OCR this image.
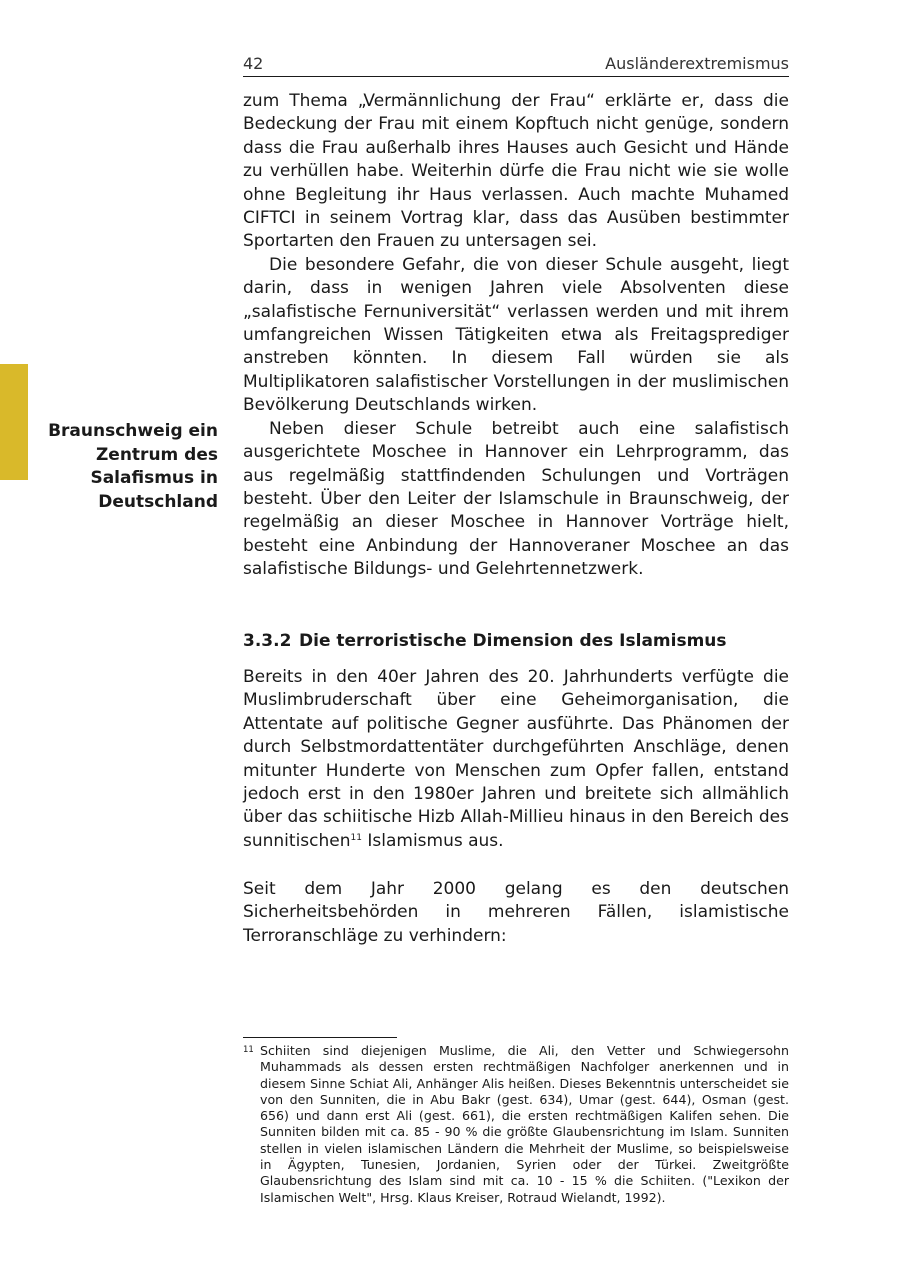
42	Ausländerextremismus
Braunschweig ein Zentrum des Salafismus in Deutschland

zum Thema „Vermännlichung der Frau“ erklärte er, dass die Bedeckung der Frau mit einem Kopftuch nicht genüge, sondern dass die Frau außerhalb ihres Hauses auch Gesicht und Hände zu verhüllen habe. Weiterhin dürfe die Frau nicht wie sie wolle ohne Begleitung ihr Haus verlassen. Auch machte Muhamed CIFTCI in seinem Vortrag klar, dass das Ausüben bestimmter Sportarten den Frauen zu untersagen sei.

Die besondere Gefahr, die von dieser Schule ausgeht, liegt darin, dass in wenigen Jahren viele Absolventen diese „salafistische Fernuniversität“ verlassen werden und mit ihrem umfangreichen Wissen Tätigkeiten etwa als Freitagsprediger anstreben könnten. In diesem Fall würden sie als Multiplikatoren salafistischer Vorstellungen in der muslimischen Bevölkerung Deutschlands wirken.

Neben dieser Schule betreibt auch eine salafistisch ausgerichtete Moschee in Hannover ein Lehrprogramm, das aus regelmäßig stattfindenden Schulungen und Vorträgen besteht. Über den Leiter der Islamschule in Braunschweig, der regelmäßig an dieser Moschee in Hannover Vorträge hielt, besteht eine Anbindung der Hannoveraner Moschee an das salafistische Bildungs- und Gelehrtennetzwerk.

3.3.2 Die terroristische Dimension des Islamismus

Bereits in den 40er Jahren des 20. Jahrhunderts verfügte die Muslimbruderschaft über eine Geheimorganisation, die Attentate auf politische Gegner ausführte. Das Phänomen der durch Selbstmordattentäter durchgeführten Anschläge, denen mitunter Hunderte von Menschen zum Opfer fallen, entstand jedoch erst in den 1980er Jahren und breitete sich allmählich über das schiitische Hizb Allah-Millieu hinaus in den Bereich des sunnitischen$^{11}$ Islamismus aus.

Seit dem Jahr 2000 gelang es den deutschen Sicherheitsbehörden in mehreren Fällen, islamistische Terroranschläge zu verhindern:

11 Schiiten sind diejenigen Muslime, die Ali, den Vetter und Schwiegersohn Muhammads als dessen ersten rechtmäßigen Nachfolger anerkennen und in diesem Sinne Schiat Ali, Anhänger Alis heißen. Dieses Bekenntnis unterscheidet sie von den Sunniten, die in Abu Bakr (gest. 634), Umar (gest. 644), Osman (gest. 656) und dann erst Ali (gest. 661), die ersten rechtmäßigen Kalifen sehen. Die Sunniten bilden mit ca. 85 - 90 % die größte Glaubensrichtung im Islam. Sunniten stellen in vielen islamischen Ländern die Mehrheit der Muslime, so beispielsweise in Ägypten, Tunesien, Jordanien, Syrien oder der Türkei. Zweitgrößte Glaubensrichtung des Islam sind mit ca. 10 - 15 % die Schiiten. ("Lexikon der Islamischen Welt", Hrsg. Klaus Kreiser, Rotraud Wielandt, 1992).
